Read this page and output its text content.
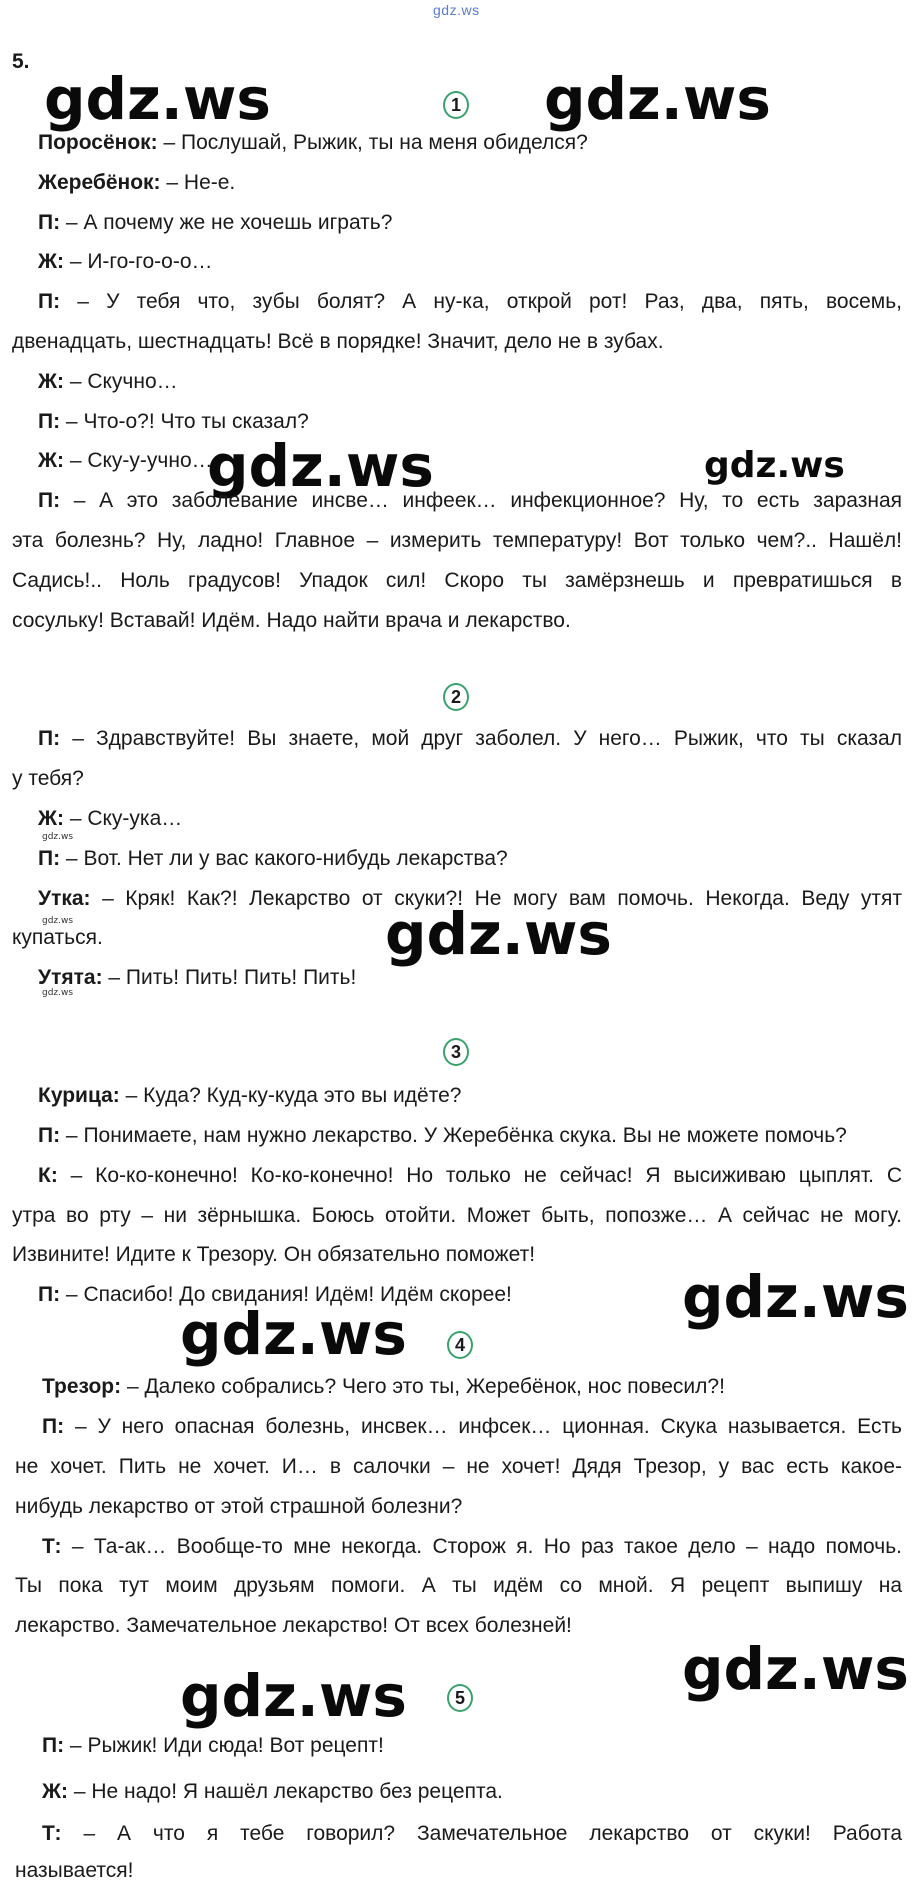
gdz.ws
5.
gdz.ws	gdz.ws
gdz.ws	gdz.ws
gdz.ws
gdz.ws
gdz.ws
gdz.ws
gdz.ws
gdz.ws
gdz.ws
gdz.ws
1
2
3
4
5
Поросёнок: – Послушай, Рыжик, ты на меня обиделся?
Жеребёнок: – Не-е.
П: – А почему же не хочешь играть?
Ж: – И-го-го-о-о…
П: – У тебя что, зубы болят? А ну-ка, открой рот! Раз, два, пять, восемь,
двенадцать, шестнадцать! Всё в порядке! Значит, дело не в зубах.
Ж: – Скучно…
П: – Что-о?! Что ты сказал?
Ж: – Ску-у-учно…
П: – А это заболевание инсве… инфеек… инфекционное? Ну, то есть заразная
эта болезнь? Ну, ладно! Главное – измерить температуру! Вот только чем?.. Нашёл!
Садись!.. Ноль градусов! Упадок сил! Скоро ты замёрзнешь и превратишься в
сосульку! Вставай! Идём. Надо найти врача и лекарство.
П: – Здравствуйте! Вы знаете, мой друг заболел. У него… Рыжик, что ты сказал
у тебя?
Ж: – Ску-ука…
П: – Вот. Нет ли у вас какого-нибудь лекарства?
Утка: – Кряк! Как?! Лекарство от скуки?! Не могу вам помочь. Некогда. Веду утят
купаться.
Утята: – Пить! Пить! Пить! Пить!
Курица: – Куда? Куд-ку-куда это вы идёте?
П: – Понимаете, нам нужно лекарство. У Жеребёнка скука. Вы не можете помочь?
К: – Ко-ко-конечно! Ко-ко-конечно! Но только не сейчас! Я высиживаю цыплят. С
утра во рту – ни зёрнышка. Боюсь отойти. Может быть, попозже… А сейчас не могу.
Извините! Идите к Трезору. Он обязательно поможет!
П: – Спасибо! До свидания! Идём! Идём скорее!
Трезор: – Далеко собрались? Чего это ты, Жеребёнок, нос повесил?!
П: – У него опасная болезнь, инсвек… инфсек… ционная. Скука называется. Есть
не хочет. Пить не хочет. И… в салочки – не хочет! Дядя Трезор, у вас есть какое-
нибудь лекарство от этой страшной болезни?
Т: – Та-ак… Вообще-то мне некогда. Сторож я. Но раз такое дело – надо помочь.
Ты пока тут моим друзьям помоги. А ты идём со мной. Я рецепт выпишу на
лекарство. Замечательное лекарство! От всех болезней!
П: – Рыжик! Иди сюда! Вот рецепт!
Ж: – Не надо! Я нашёл лекарство без рецепта.
Т: – А что я тебе говорил? Замечательное лекарство от скуки! Работа
называется!
